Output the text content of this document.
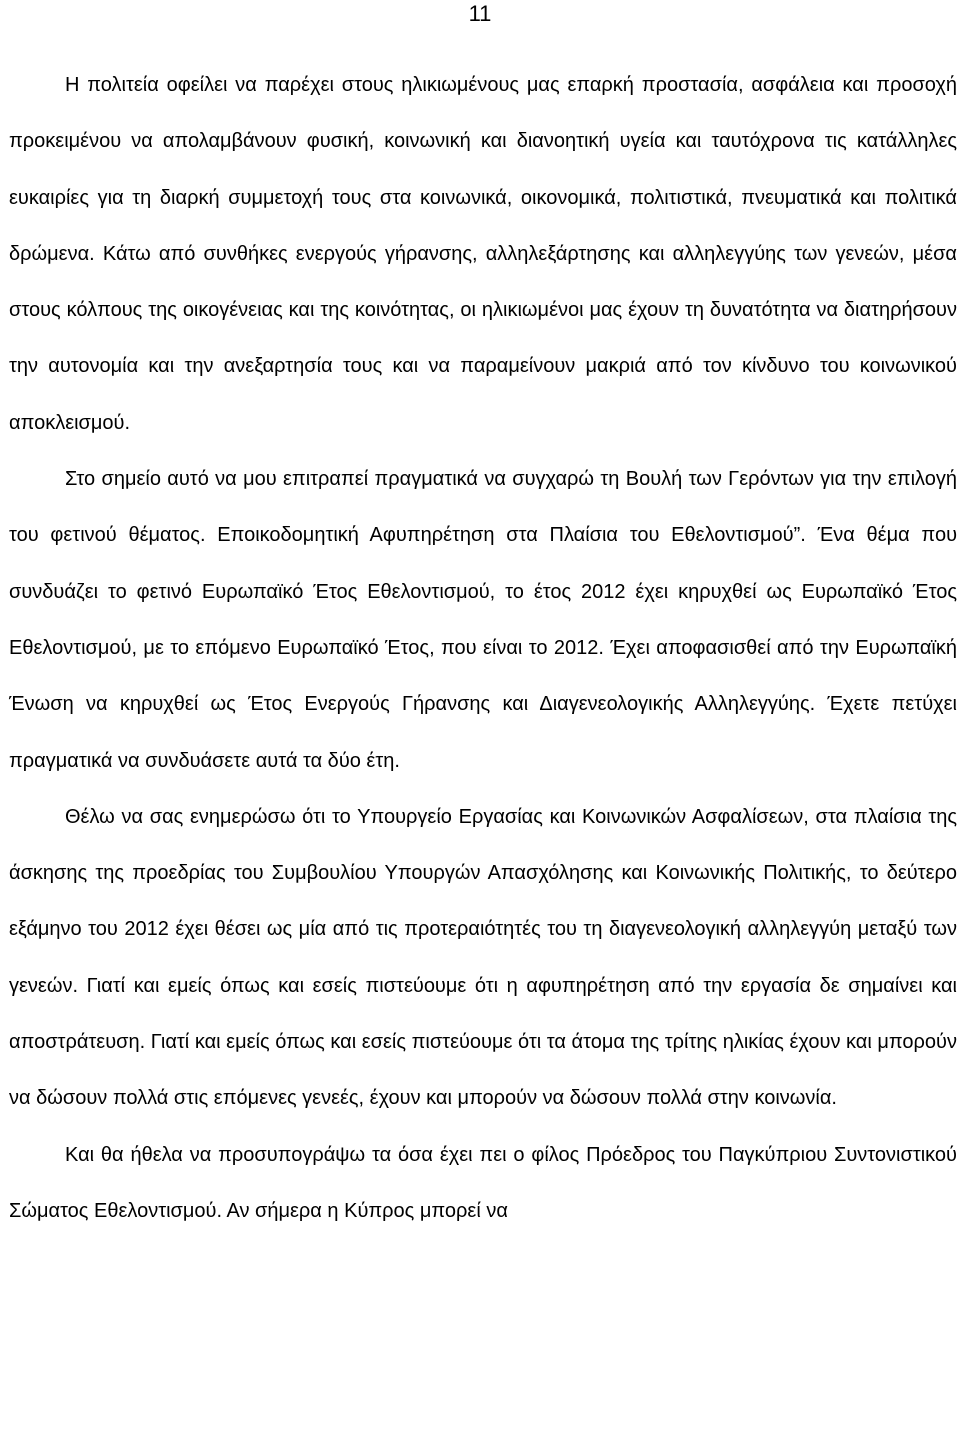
11

Η πολιτεία οφείλει να παρέχει στους ηλικιωμένους μας επαρκή προστασία, ασφάλεια και προσοχή προκειμένου να απολαμβάνουν φυσική, κοινωνική και διανοητική υγεία και ταυτόχρονα τις κατάλληλες ευκαιρίες για τη διαρκή συμμετοχή τους στα κοινωνικά, οικονομικά, πολιτιστικά, πνευματικά και πολιτικά δρώμενα. Κάτω από συνθήκες ενεργούς γήρανσης, αλληλεξάρτησης και αλληλεγγύης των γενεών, μέσα στους κόλπους της οικογένειας και της κοινότητας, οι ηλικιωμένοι μας έχουν τη δυνατότητα να διατηρήσουν την αυτονομία και την ανεξαρτησία τους και να παραμείνουν μακριά από τον κίνδυνο του κοινωνικού αποκλεισμού.

Στο σημείο αυτό να μου επιτραπεί πραγματικά να συγχαρώ τη Βουλή των Γερόντων για την επιλογή του φετινού θέματος. Εποικοδομητική Αφυπηρέτηση στα Πλαίσια του Εθελοντισμού”. Ένα θέμα που συνδυάζει το φετινό Ευρωπαϊκό Έτος Εθελοντισμού, το έτος 2012 έχει κηρυχθεί ως Ευρωπαϊκό Έτος Εθελοντισμού, με το επόμενο Ευρωπαϊκό Έτος, που είναι το 2012. Έχει αποφασισθεί από την Ευρωπαϊκή Ένωση να κηρυχθεί ως Έτος Ενεργούς Γήρανσης και Διαγενεολογικής Αλληλεγγύης. Έχετε πετύχει πραγματικά να συνδυάσετε αυτά τα δύο έτη.

Θέλω να σας ενημερώσω ότι το Υπουργείο Εργασίας και Κοινωνικών Ασφαλίσεων, στα πλαίσια της άσκησης της προεδρίας του Συμβουλίου Υπουργών Απασχόλησης και Κοινωνικής Πολιτικής, το δεύτερο εξάμηνο του 2012 έχει θέσει ως μία από τις προτεραιότητές του τη διαγενεολογική αλληλεγγύη μεταξύ των γενεών. Γιατί και εμείς όπως και εσείς πιστεύουμε ότι η αφυπηρέτηση από την εργασία δε σημαίνει και αποστράτευση. Γιατί και εμείς όπως και εσείς πιστεύουμε ότι τα άτομα της τρίτης ηλικίας έχουν και μπορούν να δώσουν πολλά στις επόμενες γενεές, έχουν και μπορούν να δώσουν πολλά στην κοινωνία.

Και θα ήθελα να προσυπογράψω τα όσα έχει πει ο φίλος Πρόεδρος του Παγκύπριου Συντονιστικού Σώματος Εθελοντισμού. Αν σήμερα η Κύπρος μπορεί να
